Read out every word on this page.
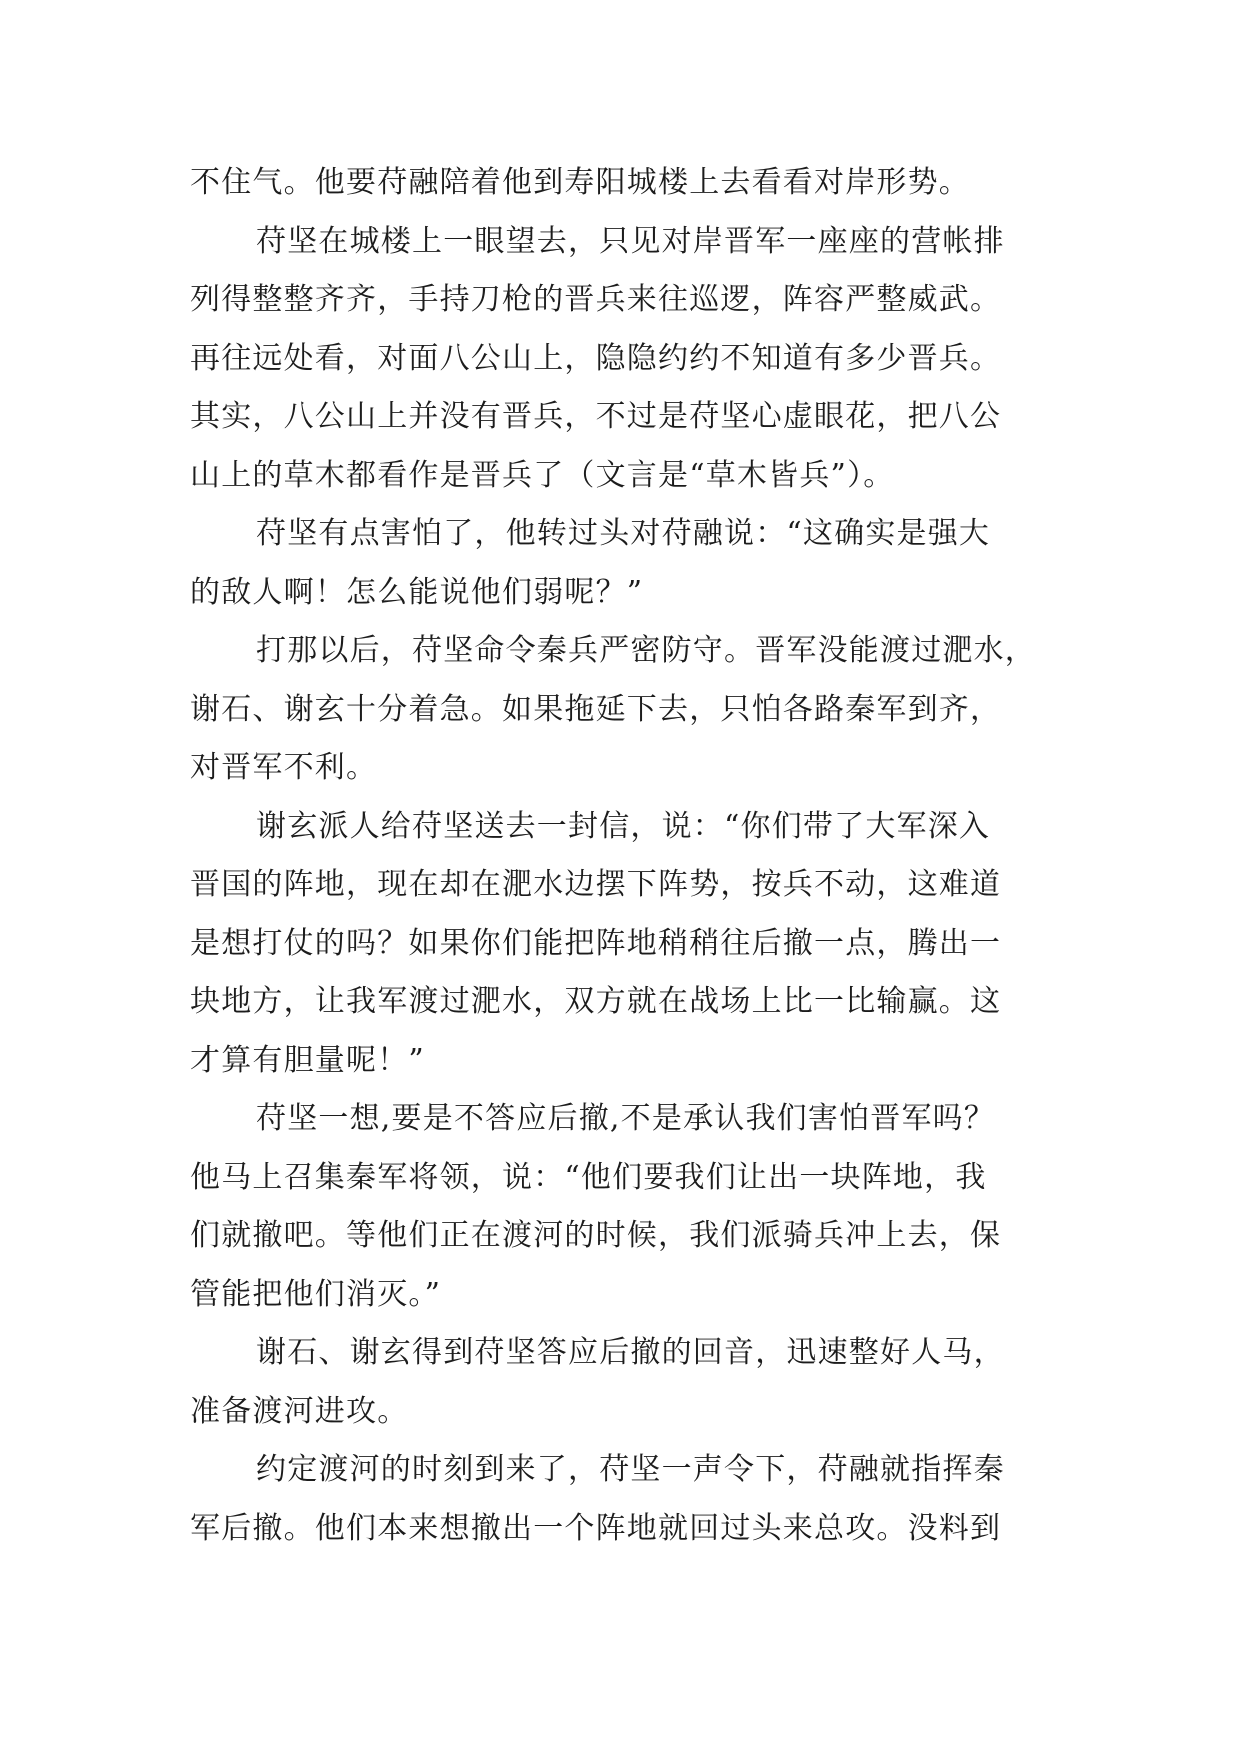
不住气。他要苻融陪着他到寿阳城楼上去看看对岸形势。
苻坚在城楼上一眼望去，只见对岸晋军一座座的营帐排
列得整整齐齐，手持刀枪的晋兵来往巡逻，阵容严整威武。
再往远处看，对面八公山上，隐隐约约不知道有多少晋兵。
其实，八公山上并没有晋兵，不过是苻坚心虚眼花，把八公
山上的草木都看作是晋兵了（文言是“草木皆兵”）。
苻坚有点害怕了，他转过头对苻融说：“这确实是强大
的敌人啊！怎么能说他们弱呢？”
打那以后，苻坚命令秦兵严密防守。晋军没能渡过淝水，
谢石、谢玄十分着急。如果拖延下去，只怕各路秦军到齐，
对晋军不利。
谢玄派人给苻坚送去一封信，说：“你们带了大军深入
晋国的阵地，现在却在淝水边摆下阵势，按兵不动，这难道
是想打仗的吗？如果你们能把阵地稍稍往后撤一点，腾出一
块地方，让我军渡过淝水，双方就在战场上比一比输赢。这
才算有胆量呢！”
苻坚一想,要是不答应后撤,不是承认我们害怕晋军吗？
他马上召集秦军将领，说：“他们要我们让出一块阵地，我
们就撤吧。等他们正在渡河的时候，我们派骑兵冲上去，保
管能把他们消灭。”
谢石、谢玄得到苻坚答应后撤的回音，迅速整好人马，
准备渡河进攻。
约定渡河的时刻到来了，苻坚一声令下，苻融就指挥秦
军后撤。他们本来想撤出一个阵地就回过头来总攻。没料到
